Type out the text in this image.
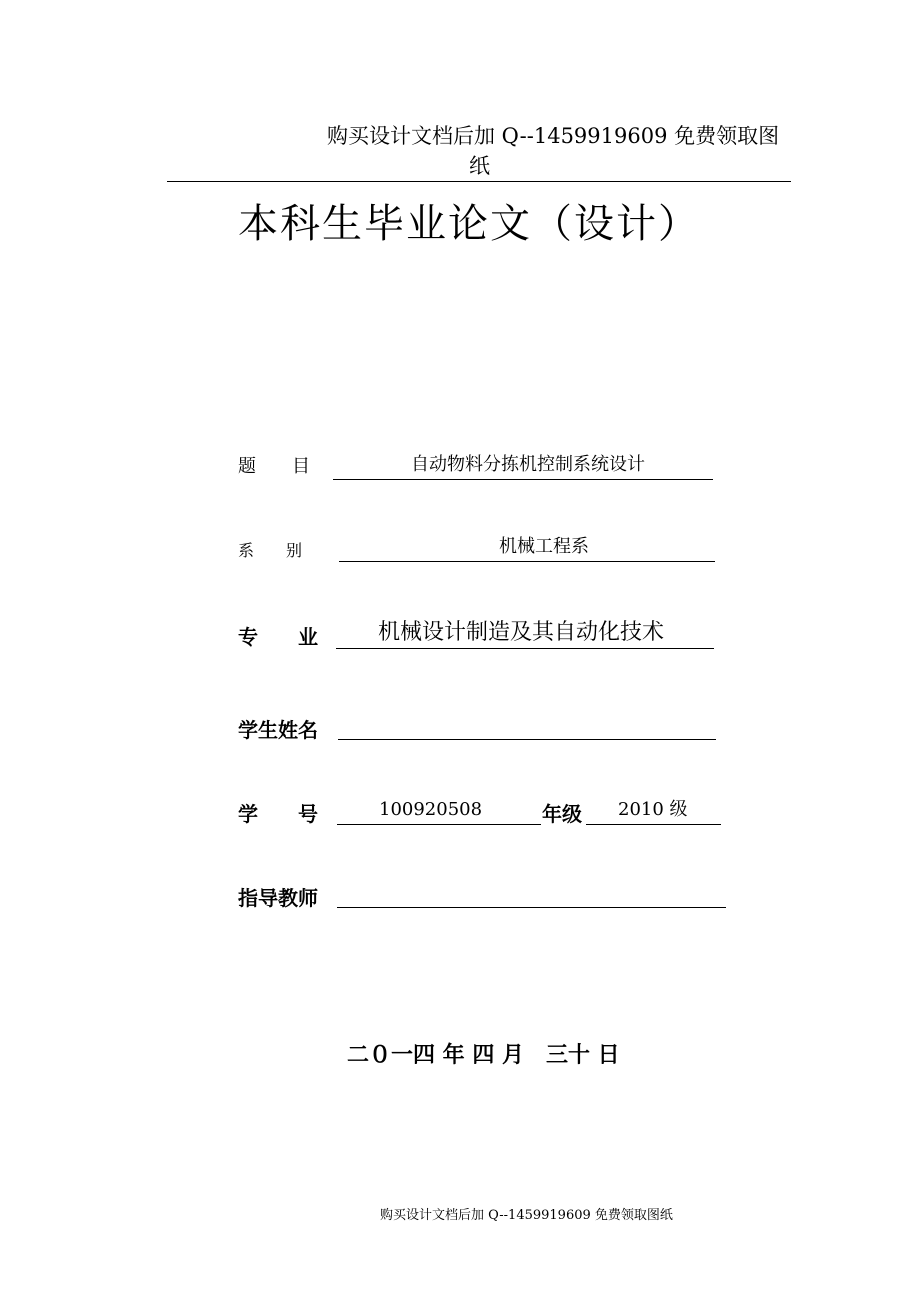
购买设计文档后加 Q--1459919609 免费领取图
纸
本科生毕业论文（设计）
题　　目	自动物料分拣机控制系统设计
系　　别	机械工程系
专　　业	机械设计制造及其自动化技术
学生姓名
学　　号	100920508	年级 2010 级
指导教师
二０一四 年 四 月　三十 日
购买设计文档后加 Q--1459919609 免费领取图纸
